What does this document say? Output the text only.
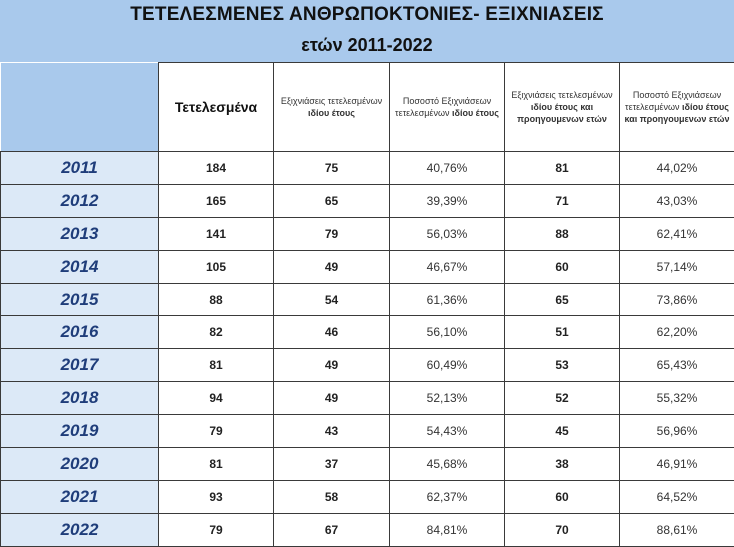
ΤΕΤΕΛΕΣΜΕΝΕΣ ΑΝΘΡΩΠΟΚΤΟΝΙΕΣ- ΕΞΙΧΝΙΑΣΕΙΣ
ετών 2011-2022
	Τετελεσμένα	Εξιχνιάσεις τετελεσμένων ιδίου έτους	Ποσοστό Εξιχνιάσεων τετελεσμένων ιδίου έτους	Εξιχνιάσεις τετελεσμένων ιδίου έτους και προηγουμενων ετών	Ποσοστό Εξιχνιάσεων τετελεσμένων ιδίου έτους και προηγουμενων ετών
2011	184	75	40,76%	81	44,02%
2012	165	65	39,39%	71	43,03%
2013	141	79	56,03%	88	62,41%
2014	105	49	46,67%	60	57,14%
2015	88	54	61,36%	65	73,86%
2016	82	46	56,10%	51	62,20%
2017	81	49	60,49%	53	65,43%
2018	94	49	52,13%	52	55,32%
2019	79	43	54,43%	45	56,96%
2020	81	37	45,68%	38	46,91%
2021	93	58	62,37%	60	64,52%
2022	79	67	84,81%	70	88,61%
